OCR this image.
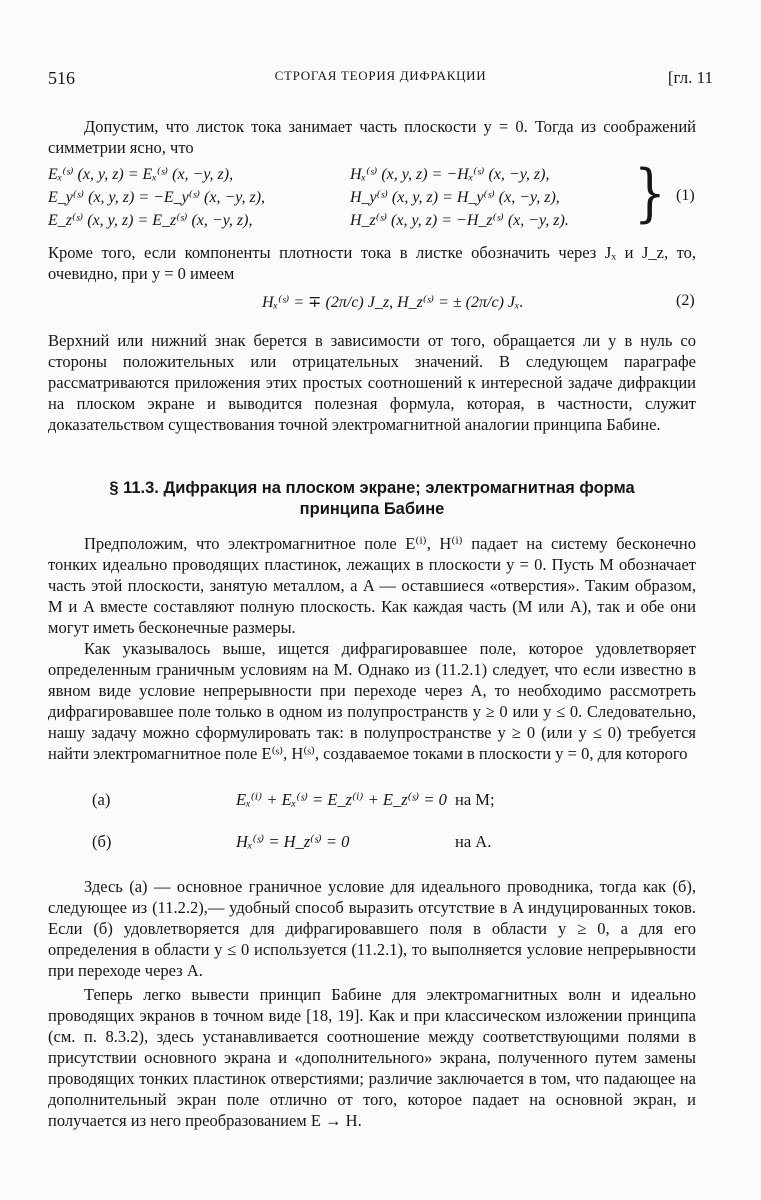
516	СТРОГАЯ ТЕОРИЯ ДИФРАКЦИИ	[гл. 11

Допустим, что листок тока занимает часть плоскости y = 0. Тогда из соображений симметрии ясно, что

Eₓ⁽ˢ⁾ (x, y, z) = Eₓ⁽ˢ⁾ (x, −y, z),	Hₓ⁽ˢ⁾ (x, y, z) = −Hₓ⁽ˢ⁾ (x, −y, z),
E_y⁽ˢ⁾ (x, y, z) = −E_y⁽ˢ⁾ (x, −y, z),	H_y⁽ˢ⁾ (x, y, z) = H_y⁽ˢ⁾ (x, −y, z),
E_z⁽ˢ⁾ (x, y, z) = E_z⁽ˢ⁾ (x, −y, z),	H_z⁽ˢ⁾ (x, y, z) = −H_z⁽ˢ⁾ (x, −y, z). } (1)

Кроме того, если компоненты плотности тока в листке обозначить через Jₓ и J_z, то, очевидно, при y = 0 имеем

Hₓ⁽ˢ⁾ = ∓ (2π/c) J_z, H_z⁽ˢ⁾ = ± (2π/c) Jₓ.	(2)

Верхний или нижний знак берется в зависимости от того, обращается ли y в нуль со стороны положительных или отрицательных значений. В следующем параграфе рассматриваются приложения этих простых соотношений к интересной задаче дифракции на плоском экране и выводится полезная формула, которая, в частности, служит доказательством существования точной электромагнитной аналогии принципа Бабине.

§ 11.3. Дифракция на плоском экране; электромагнитная форма
принципа Бабине

Предположим, что электромагнитное поле E⁽ⁱ⁾, H⁽ⁱ⁾ падает на систему бесконечно тонких идеально проводящих пластинок, лежащих в плоскости y = 0. Пусть M обозначает часть этой плоскости, занятую металлом, а A — оставшиеся «отверстия». Таким образом, M и A вместе составляют полную плоскость. Как каждая часть (M или A), так и обе они могут иметь бесконечные размеры.

Как указывалось выше, ищется дифрагировавшее поле, которое удовлетворяет определенным граничным условиям на M. Однако из (11.2.1) следует, что если известно в явном виде условие непрерывности при переходе через A, то необходимо рассмотреть дифрагировавшее поле только в одном из полупространств y ≥ 0 или y ≤ 0. Следовательно, нашу задачу можно сформулировать так: в полупространстве y ≥ 0 (или y ≤ 0) требуется найти электромагнитное поле E⁽ˢ⁾, H⁽ˢ⁾, создаваемое токами в плоскости y = 0, для которого

(а)	Eₓ⁽ⁱ⁾ + Eₓ⁽ˢ⁾ = E_z⁽ⁱ⁾ + E_z⁽ˢ⁾ = 0 на M;
(б)	Hₓ⁽ˢ⁾ = H_z⁽ˢ⁾ = 0	на A.

Здесь (а) — основное граничное условие для идеального проводника, тогда как (б), следующее из (11.2.2),— удобный способ выразить отсутствие в A индуцированных токов. Если (б) удовлетворяется для дифрагировавшего поля в области y ≥ 0, а для его определения в области y ≤ 0 используется (11.2.1), то выполняется условие непрерывности при переходе через A.

Теперь легко вывести принцип Бабине для электромагнитных волн и идеально проводящих экранов в точном виде [18, 19]. Как и при классическом изложении принципа (см. п. 8.3.2), здесь устанавливается соотношение между соответствующими полями в присутствии основного экрана и «дополнительного» экрана, полученного путем замены проводящих тонких пластинок отверстиями; различие заключается в том, что падающее на дополнительный экран поле отлично от того, которое падает на основной экран, и получается из него преобразованием E → H.
